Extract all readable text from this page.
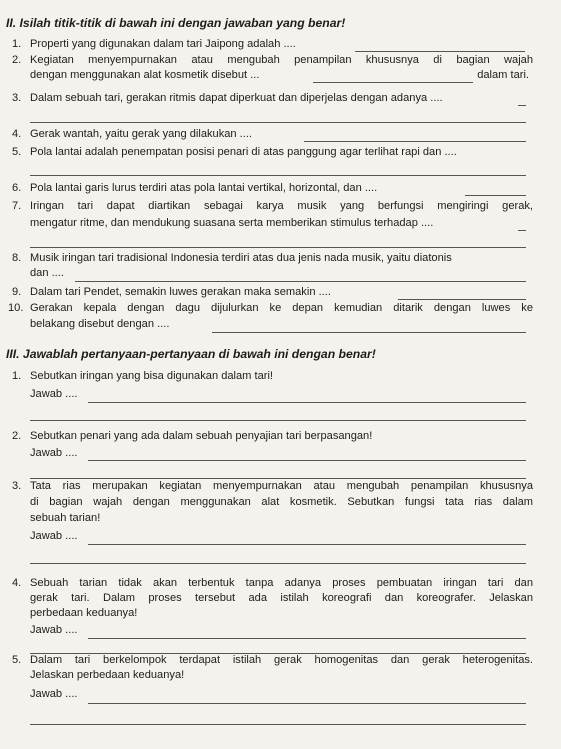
II. Isilah titik-titik di bawah ini dengan jawaban yang benar!
1. Properti yang digunakan dalam tari Jaipong adalah ....
2. Kegiatan menyempurnakan atau mengubah penampilan khususnya di bagian wajah
dengan menggunakan alat kosmetik disebut ...	dalam tari.
3. Dalam sebuah tari, gerakan ritmis dapat diperkuat dan diperjelas dengan adanya ....
4. Gerak wantah, yaitu gerak yang dilakukan ....
5. Pola lantai adalah penempatan posisi penari di atas panggung agar terlihat rapi dan ....
6. Pola lantai garis lurus terdiri atas pola lantai vertikal, horizontal, dan ....
7. Iringan tari dapat diartikan sebagai karya musik yang berfungsi mengiringi gerak,
mengatur ritme, dan mendukung suasana serta memberikan stimulus terhadap ....
8. Musik iringan tari tradisional Indonesia terdiri atas dua jenis nada musik, yaitu diatonis
dan ....
9. Dalam tari Pendet, semakin luwes gerakan maka semakin ....
10. Gerakan kepala dengan dagu dijulurkan ke depan kemudian ditarik dengan luwes ke
belakang disebut dengan ....
III. Jawablah pertanyaan-pertanyaan di bawah ini dengan benar!
1. Sebutkan iringan yang bisa digunakan dalam tari!
Jawab ....
2. Sebutkan penari yang ada dalam sebuah penyajian tari berpasangan!
Jawab ....
3. Tata rias merupakan kegiatan menyempurnakan atau mengubah penampilan khususnya
di bagian wajah dengan menggunakan alat kosmetik. Sebutkan fungsi tata rias dalam
sebuah tarian!
Jawab ....
4. Sebuah tarian tidak akan terbentuk tanpa adanya proses pembuatan iringan tari dan
gerak tari. Dalam proses tersebut ada istilah koreografi dan koreografer. Jelaskan
perbedaan keduanya!
Jawab ....
5. Dalam tari berkelompok terdapat istilah gerak homogenitas dan gerak heterogenitas.
Jelaskan perbedaan keduanya!
Jawab ....
